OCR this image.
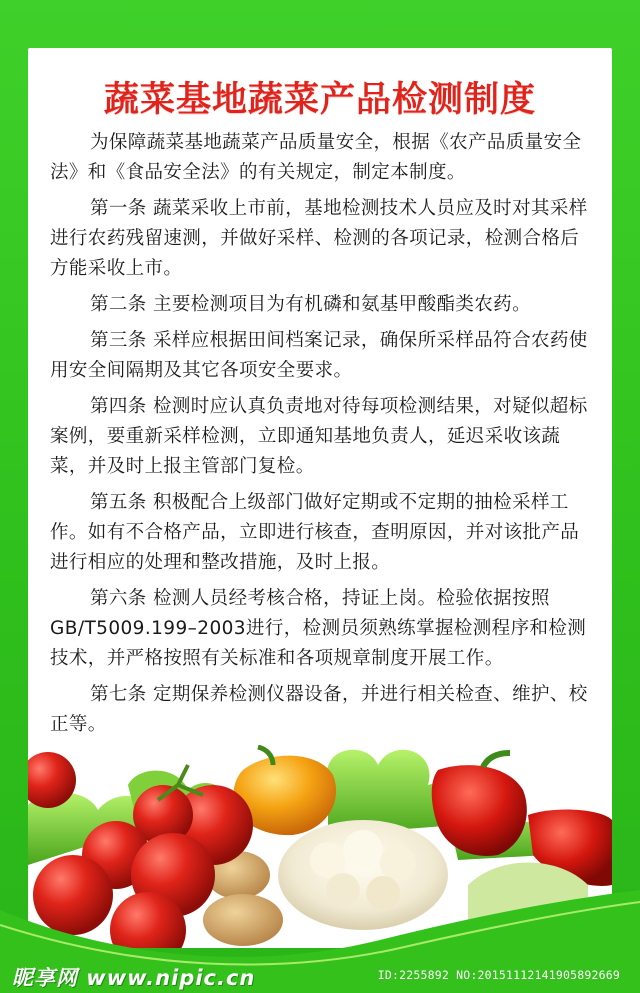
蔬菜基地蔬菜产品检测制度

为保障蔬菜基地蔬菜产品质量安全，根据《农产品质量安全法》和《食品安全法》的有关规定，制定本制度。

第一条 蔬菜采收上市前，基地检测技术人员应及时对其采样进行农药残留速测，并做好采样、检测的各项记录，检测合格后方能采收上市。

第二条 主要检测项目为有机磷和氨基甲酸酯类农药。

第三条 采样应根据田间档案记录，确保所采样品符合农药使用安全间隔期及其它各项安全要求。

第四条 检测时应认真负责地对待每项检测结果，对疑似超标案例，要重新采样检测，立即通知基地负责人，延迟采收该蔬菜，并及时上报主管部门复检。

第五条 积极配合上级部门做好定期或不定期的抽检采样工作。如有不合格产品，立即进行核查，查明原因，并对该批产品进行相应的处理和整改措施，及时上报。

第六条 检测人员经考核合格，持证上岗。检验依据按照GB/T5009.199–2003进行，检测员须熟练掌握检测程序和检测技术，并严格按照有关标准和各项规章制度开展工作。

第七条 定期保养检测仪器设备，并进行相关检查、维护、校正等。

昵享网 www.nipic.cn	ID:2255892 NO:20151112141905892669
